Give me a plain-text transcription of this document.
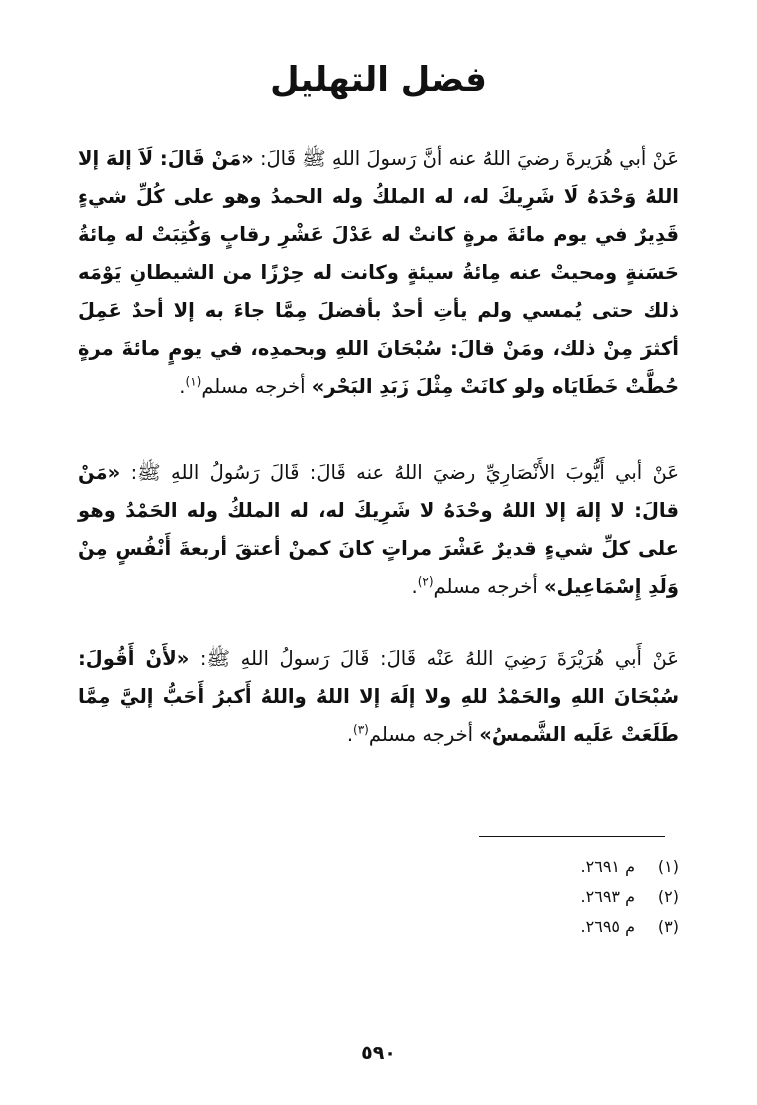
فضل التهليل
عَنْ أبي هُرَيرةَ رضيَ اللهُ عنه أنَّ رَسولَ اللهِ ﷺ قَالَ: «مَنْ قَالَ: لَاَ إلهَ إلا اللهُ وَحْدَهُ لَا شَرِيكَ له، له الملكُ وله الحمدُ وهو على كُلِّ شيءٍ قَدِيرٌ في يوم مائةَ مرةٍ كانتْ له عَدْلَ عَشْرِ رقابٍ وَكُتِبَتْ له مِائةُ حَسَنةٍ ومحيتْ عنه مِائةُ سيئةٍ وكانت له حِرْزًا من الشيطانِ يَوْمَه ذلك حتى يُمسي ولم يأتِ أحدٌ بأفضلَ مِمَّا جاءَ به إلا أحدٌ عَمِلَ أكثرَ مِنْ ذلك، ومَنْ قالَ: سُبْحَانَ اللهِ وبحمدِه، في يومٍ مائةَ مرةٍ حُطَّتْ خَطَايَاه ولو كانَتْ مِثْلَ زَبَدِ البَحْر» أخرجه مسلم$^{(١)}$.
عَنْ أبي أَيُّوبَ الأَنْصَارِيِّ رضيَ اللهُ عنه قَالَ: قَالَ رَسُولُ اللهِ ﷺ: «مَنْ قالَ: لا إلهَ إلا اللهُ وحْدَهُ لا شَرِيكَ له، له الملكُ وله الحَمْدُ وهو على كلِّ شيءٍ قديرٌ عَشْرَ مراتٍ كانَ كمنْ أعتقَ أربعةَ أَنْفُسٍ مِنْ وَلَدِ إِسْمَاعِيل» أخرجه مسلم$^{(٢)}$.
عَنْ أَبي هُرَيْرَةَ رَضِيَ اللهُ عَنْه قَالَ: قَالَ رَسولُ اللهِ ﷺ: «لأَنْ أَقُولَ: سُبْحَانَ اللهِ والحَمْدُ للهِ ولا إلَهَ إلا اللهُ واللهُ أَكبرُ أَحَبُّ إليَّ مِمَّا طَلَعَتْ عَلَيه الشَّمسُ» أخرجه مسلم$^{(٣)}$.
(١)م ٢٦٩١.
(٢)م ٢٦٩٣.
(٣)م ٢٦٩٥.
٥٩٠
